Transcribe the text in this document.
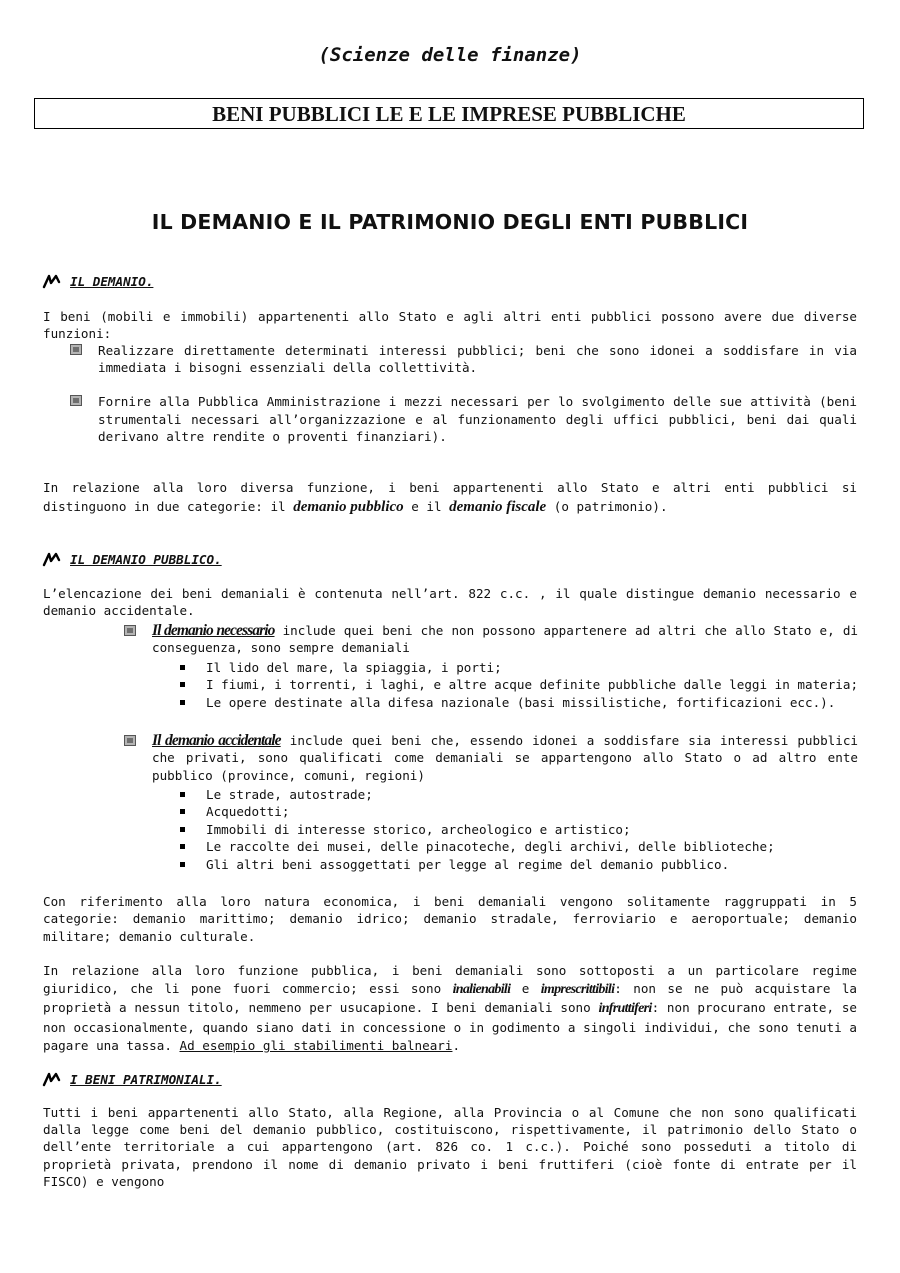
(Scienze delle finanze)
BENI PUBBLICI LE E LE IMPRESE PUBBLICHE
IL DEMANIO E IL PATRIMONIO DEGLI ENTI PUBBLICI
IL DEMANIO.
I beni (mobili e immobili) appartenenti allo Stato e agli altri enti pubblici possono avere due diverse funzioni:
Realizzare direttamente determinati interessi pubblici; beni che sono idonei a soddisfare in via immediata i bisogni essenziali della collettività.
Fornire alla Pubblica Amministrazione i mezzi necessari per lo svolgimento delle sue attività (beni strumentali necessari all’organizzazione e al funzionamento degli uffici pubblici, beni dai quali derivano altre rendite o proventi finanziari).
In relazione alla loro diversa funzione, i beni appartenenti allo Stato e altri enti pubblici si distinguono in due categorie: il demanio pubblico e il demanio fiscale (o patrimonio).
IL DEMANIO PUBBLICO.
L’elencazione dei beni demaniali è contenuta nell’art. 822 c.c. , il quale distingue demanio necessario e demanio accidentale.
Il demanio necessario include quei beni che non possono appartenere ad altri che allo Stato e, di conseguenza, sono sempre demaniali
Il lido del mare, la spiaggia, i porti;
I fiumi, i torrenti, i laghi, e altre acque definite pubbliche dalle leggi in materia;
Le opere destinate alla difesa nazionale (basi missilistiche, fortificazioni ecc.).
Il demanio accidentale include quei beni che, essendo idonei a soddisfare sia interessi pubblici che privati, sono qualificati come demaniali se appartengono allo Stato o ad altro ente pubblico (province, comuni, regioni)
Le strade, autostrade;
Acquedotti;
Immobili di interesse storico, archeologico e artistico;
Le raccolte dei musei, delle pinacoteche, degli archivi, delle biblioteche;
Gli altri beni assoggettati per legge al regime del demanio pubblico.
Con riferimento alla loro natura economica, i beni demaniali vengono solitamente raggruppati in 5 categorie: demanio marittimo; demanio idrico; demanio stradale, ferroviario e aeroportuale; demanio militare; demanio culturale.
In relazione alla loro funzione pubblica, i beni demaniali sono sottoposti a un particolare regime giuridico, che li pone fuori commercio; essi sono inalienabili e imprescrittibili: non se ne può acquistare la proprietà a nessun titolo, nemmeno per usucapione. I beni demaniali sono infruttiferi: non procurano entrate, se non occasionalmente, quando siano dati in concessione o in godimento a singoli individui, che sono tenuti a pagare una tassa. Ad esempio gli stabilimenti balneari.
I BENI PATRIMONIALI.
Tutti i beni appartenenti allo Stato, alla Regione, alla Provincia o al Comune che non sono qualificati dalla legge come beni del demanio pubblico, costituiscono, rispettivamente, il patrimonio dello Stato o dell’ente territoriale a cui appartengono (art. 826 co. 1 c.c.). Poiché sono posseduti a titolo di proprietà privata, prendono il nome di demanio privato i beni fruttiferi (cioè fonte di entrate per il FISCO) e vengono
